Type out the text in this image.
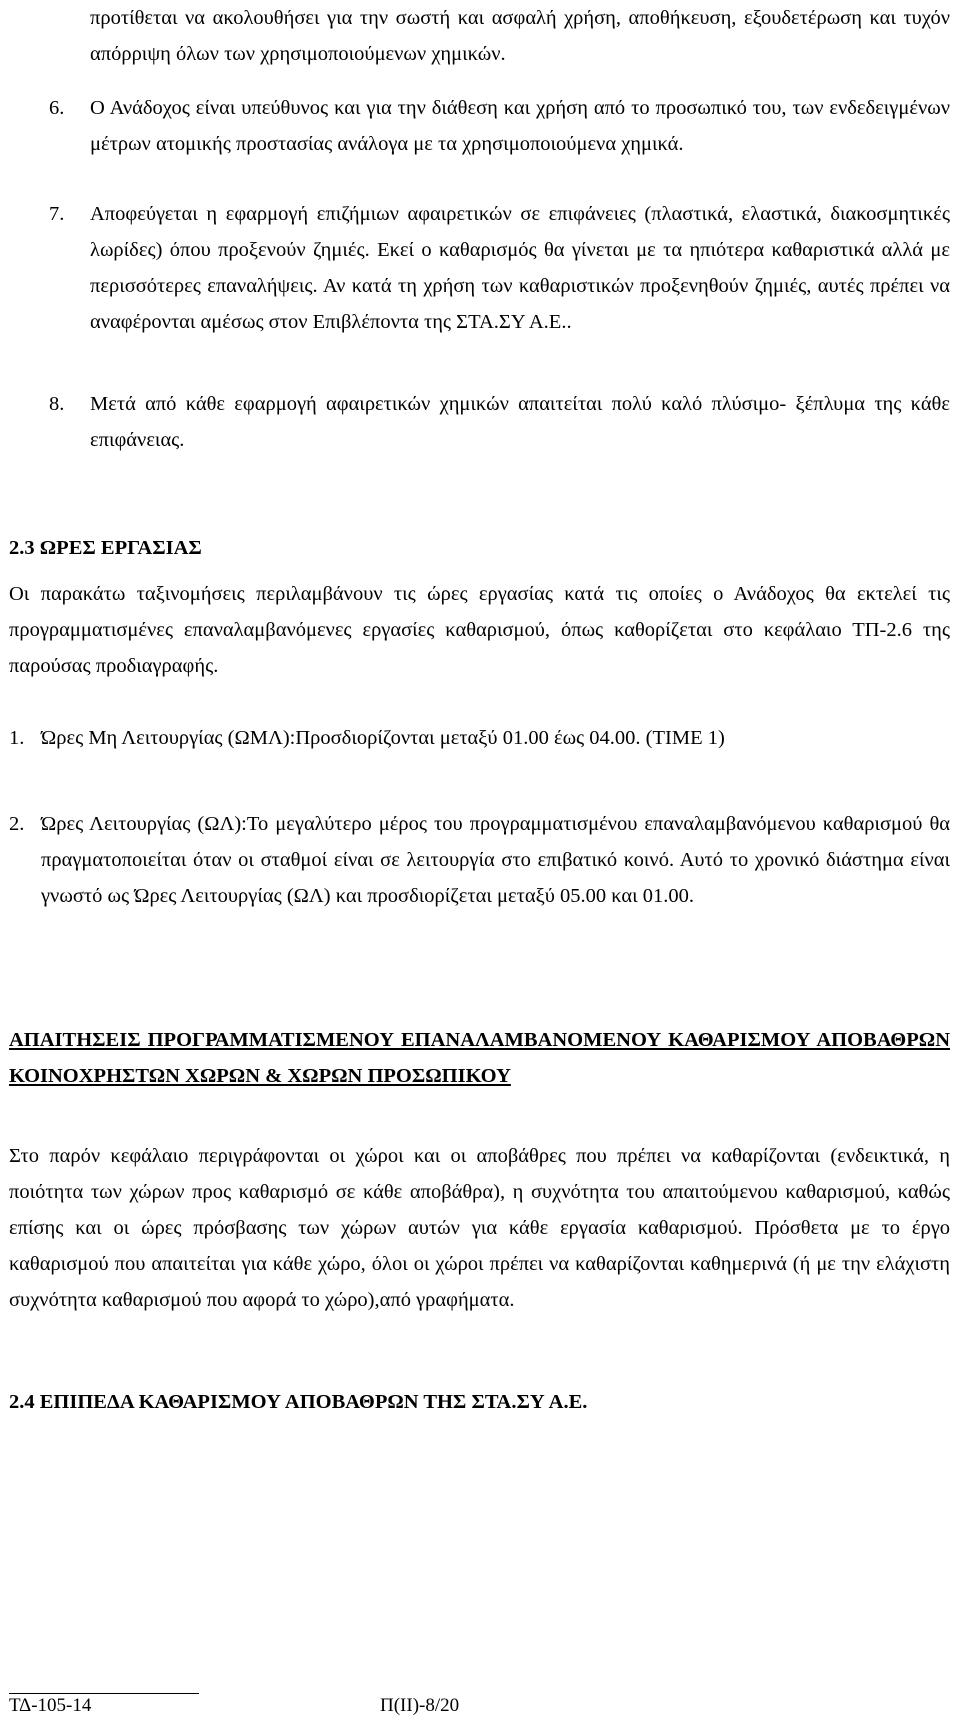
προτίθεται να ακολουθήσει για την σωστή και ασφαλή χρήση, αποθήκευση, εξουδετέρωση και τυχόν απόρριψη όλων των χρησιμοποιούμενων χημικών.

6. Ο Ανάδοχος είναι υπεύθυνος και για την διάθεση και χρήση από το προσωπικό του, των ενδεδειγμένων μέτρων ατομικής προστασίας ανάλογα με τα χρησιμοποιούμενα χημικά.

7. Αποφεύγεται η εφαρμογή επιζήμιων αφαιρετικών σε επιφάνειες (πλαστικά, ελαστικά, διακοσμητικές λωρίδες) όπου προξενούν ζημιές. Εκεί ο καθαρισμός θα γίνεται με τα ηπιότερα καθαριστικά αλλά με περισσότερες επαναλήψεις. Αν κατά τη χρήση των καθαριστικών προξενηθούν ζημιές, αυτές πρέπει να αναφέρονται αμέσως στον Επιβλέποντα της ΣΤΑ.ΣΥ Α.Ε..

8. Μετά από κάθε εφαρμογή αφαιρετικών χημικών απαιτείται πολύ καλό πλύσιμο- ξέπλυμα της κάθε επιφάνειας.

2.3 ΩΡΕΣ ΕΡΓΑΣΙΑΣ

Οι παρακάτω ταξινομήσεις περιλαμβάνουν τις ώρες εργασίας κατά τις οποίες ο Ανάδοχος θα εκτελεί τις προγραμματισμένες επαναλαμβανόμενες εργασίες καθαρισμού, όπως καθορίζεται στο κεφάλαιο ΤΠ-2.6 της παρούσας προδιαγραφής.

1. Ώρες Μη Λειτουργίας (ΩΜΛ):Προσδιορίζονται μεταξύ 01.00 έως 04.00. (ΤΙΜΕ 1)

2. Ώρες Λειτουργίας (ΩΛ):Το μεγαλύτερο μέρος του προγραμματισμένου επαναλαμβανόμενου καθαρισμού θα πραγματοποιείται όταν οι σταθμοί είναι σε λειτουργία στο επιβατικό κοινό. Αυτό το χρονικό διάστημα είναι γνωστό ως Ώρες Λειτουργίας (ΩΛ) και προσδιορίζεται μεταξύ 05.00 και 01.00.

ΑΠΑΙΤΗΣΕΙΣ ΠΡΟΓΡΑΜΜΑΤΙΣΜΕΝΟΥ ΕΠΑΝΑΛΑΜΒΑΝΟΜΕΝΟΥ ΚΑΘΑΡΙΣΜΟΥ ΑΠΟΒΑΘΡΩΝ ΚΟΙΝΟΧΡΗΣΤΩΝ ΧΩΡΩΝ & ΧΩΡΩΝ ΠΡΟΣΩΠΙΚΟΥ

Στο παρόν κεφάλαιο περιγράφονται οι χώροι και οι αποβάθρες που πρέπει να καθαρίζονται (ενδεικτικά, η ποιότητα των χώρων προς καθαρισμό σε κάθε αποβάθρα), η συχνότητα του απαιτούμενου καθαρισμού, καθώς επίσης και οι ώρες πρόσβασης των χώρων αυτών για κάθε εργασία καθαρισμού. Πρόσθετα με το έργο καθαρισμού που απαιτείται για κάθε χώρο, όλοι οι χώροι πρέπει να καθαρίζονται καθημερινά (ή με την ελάχιστη συχνότητα καθαρισμού που αφορά το χώρο),από γραφήματα.

2.4 ΕΠΙΠΕΔΑ ΚΑΘΑΡΙΣΜΟΥ ΑΠΟΒΑΘΡΩΝ ΤΗΣ ΣΤΑ.ΣΥ Α.Ε.

ΤΔ-105-14	Π(ΙΙ)-8/20
